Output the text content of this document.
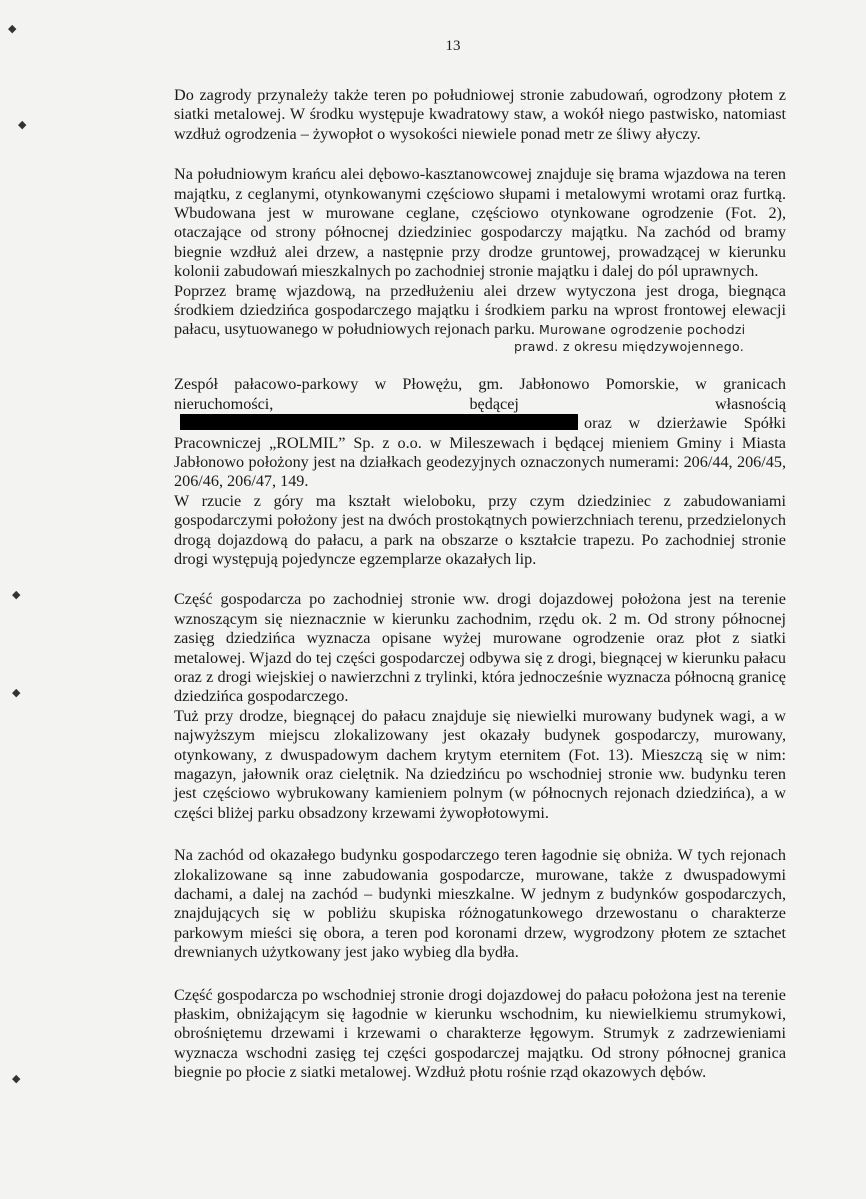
13
◆
◆
◆
◆
◆

Do zagrody przynależy także teren po południowej stronie zabudowań, ogrodzony płotem z siatki metalowej. W środku występuje kwadratowy staw, a wokół niego pastwisko, natomiast wzdłuż ogrodzenia – żywopłot o wysokości niewiele ponad metr ze śliwy ałyczy.

Na południowym krańcu alei dębowo-kasztanowcowej znajduje się brama wjazdowa na teren majątku, z ceglanymi, otynkowanymi częściowo słupami i metalowymi wrotami oraz furtką. Wbudowana jest w murowane ceglane, częściowo otynkowane ogrodzenie (Fot. 2), otaczające od strony północnej dziedziniec gospodarczy majątku. Na zachód od bramy biegnie wzdłuż alei drzew, a następnie przy drodze gruntowej, prowadzącej w kierunku kolonii zabudowań mieszkalnych po zachodniej stronie majątku i dalej do pól uprawnych.

Poprzez bramę wjazdową, na przedłużeniu alei drzew wytyczona jest droga, biegnąca środkiem dziedzińca gospodarczego majątku i środkiem parku na wprost frontowej elewacji pałacu, usytuowanego w południowych rejonach parku. Murowane ogrodzenie pochodzi
prawd. z okresu międzywojennego.

Zespół pałacowo-parkowy w Płowężu, gm. Jabłonowo Pomorskie, w granicach nieruchomości, będącej własnościąoraz w dzierżawie Spółki Pracowniczej „ROLMIL” Sp. z o.o. w Mileszewach i będącej mieniem Gminy i Miasta Jabłonowo położony jest na działkach geodezyjnych oznaczonych numerami: 206/44, 206/45, 206/46, 206/47, 149.

W rzucie z góry ma kształt wieloboku, przy czym dziedziniec z zabudowaniami gospodarczymi położony jest na dwóch prostokątnych powierzchniach terenu, przedzielonych drogą dojazdową do pałacu, a park na obszarze o kształcie trapezu. Po zachodniej stronie drogi występują pojedyncze egzemplarze okazałych lip.

Część gospodarcza po zachodniej stronie ww. drogi dojazdowej położona jest na terenie wznoszącym się nieznacznie w kierunku zachodnim, rzędu ok. 2 m. Od strony północnej zasięg dziedzińca wyznacza opisane wyżej murowane ogrodzenie oraz płot z siatki metalowej. Wjazd do tej części gospodarczej odbywa się z drogi, biegnącej w kierunku pałacu oraz z drogi wiejskiej o nawierzchni z trylinki, która jednocześnie wyznacza północną granicę dziedzińca gospodarczego.

Tuż przy drodze, biegnącej do pałacu znajduje się niewielki murowany budynek wagi, a w najwyższym miejscu zlokalizowany jest okazały budynek gospodarczy, murowany, otynkowany, z dwuspadowym dachem krytym eternitem (Fot. 13). Mieszczą się w nim: magazyn, jałownik oraz cielętnik. Na dziedzińcu po wschodniej stronie ww. budynku teren jest częściowo wybrukowany kamieniem polnym (w północnych rejonach dziedzińca), a w części bliżej parku obsadzony krzewami żywopłotowymi.

Na zachód od okazałego budynku gospodarczego teren łagodnie się obniża. W tych rejonach zlokalizowane są inne zabudowania gospodarcze, murowane, także z dwuspadowymi dachami, a dalej na zachód – budynki mieszkalne. W jednym z budynków gospodarczych, znajdujących się w pobliżu skupiska różnogatunkowego drzewostanu o charakterze parkowym mieści się obora, a teren pod koronami drzew, wygrodzony płotem ze sztachet drewnianych użytkowany jest jako wybieg dla bydła.

Część gospodarcza po wschodniej stronie drogi dojazdowej do pałacu położona jest na terenie płaskim, obniżającym się łagodnie w kierunku wschodnim, ku niewielkiemu strumykowi, obrośniętemu drzewami i krzewami o charakterze łęgowym. Strumyk z zadrzewieniami wyznacza wschodni zasięg tej części gospodarczej majątku. Od strony północnej granica biegnie po płocie z siatki metalowej. Wzdłuż płotu rośnie rząd okazowych dębów.
